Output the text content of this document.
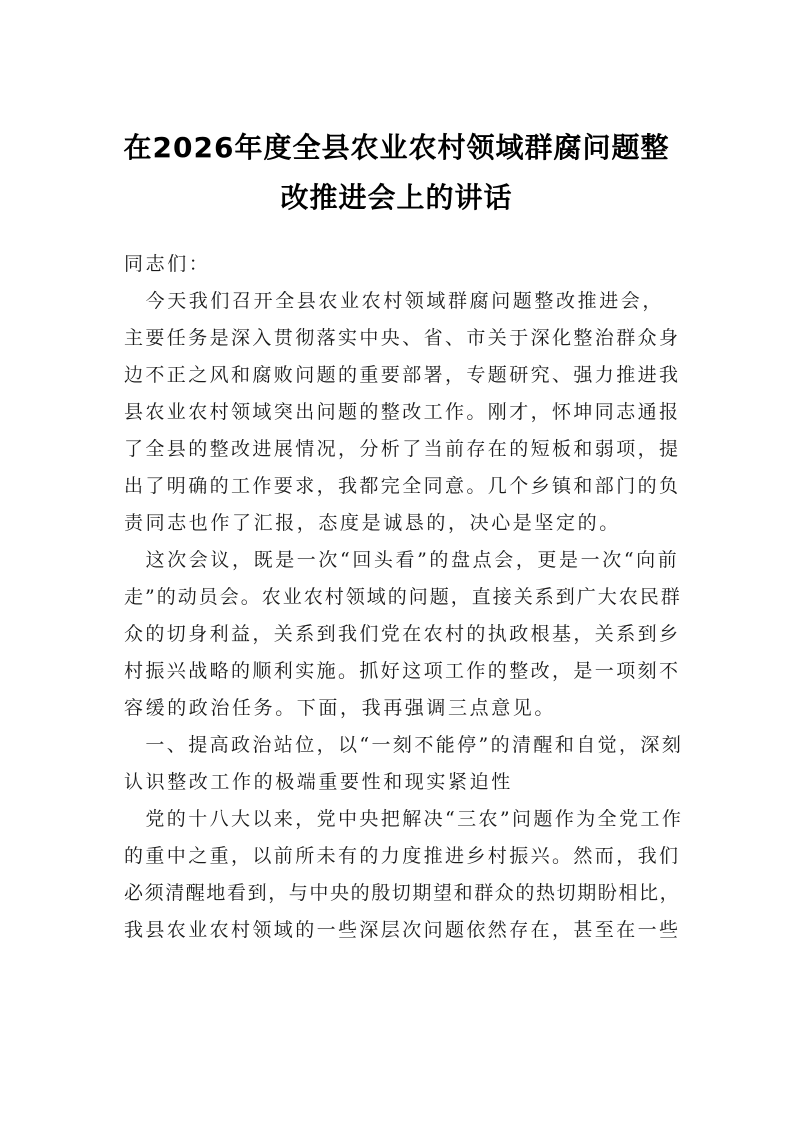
在2026年度全县农业农村领域群腐问题整
改推进会上的讲话
同志们：
　今天我们召开全县农业农村领域群腐问题整改推进会，
主要任务是深入贯彻落实中央、省、市关于深化整治群众身
边不正之风和腐败问题的重要部署，专题研究、强力推进我
县农业农村领域突出问题的整改工作。刚才，怀坤同志通报
了全县的整改进展情况，分析了当前存在的短板和弱项，提
出了明确的工作要求，我都完全同意。几个乡镇和部门的负
责同志也作了汇报，态度是诚恳的，决心是坚定的。
　这次会议，既是一次“回头看”的盘点会，更是一次“向前
走”的动员会。农业农村领域的问题，直接关系到广大农民群
众的切身利益，关系到我们党在农村的执政根基，关系到乡
村振兴战略的顺利实施。抓好这项工作的整改，是一项刻不
容缓的政治任务。下面，我再强调三点意见。
　一、提高政治站位，以“一刻不能停”的清醒和自觉，深刻
认识整改工作的极端重要性和现实紧迫性
　党的十八大以来，党中央把解决“三农”问题作为全党工作
的重中之重，以前所未有的力度推进乡村振兴。然而，我们
必须清醒地看到，与中央的殷切期望和群众的热切期盼相比，
我县农业农村领域的一些深层次问题依然存在，甚至在一些
